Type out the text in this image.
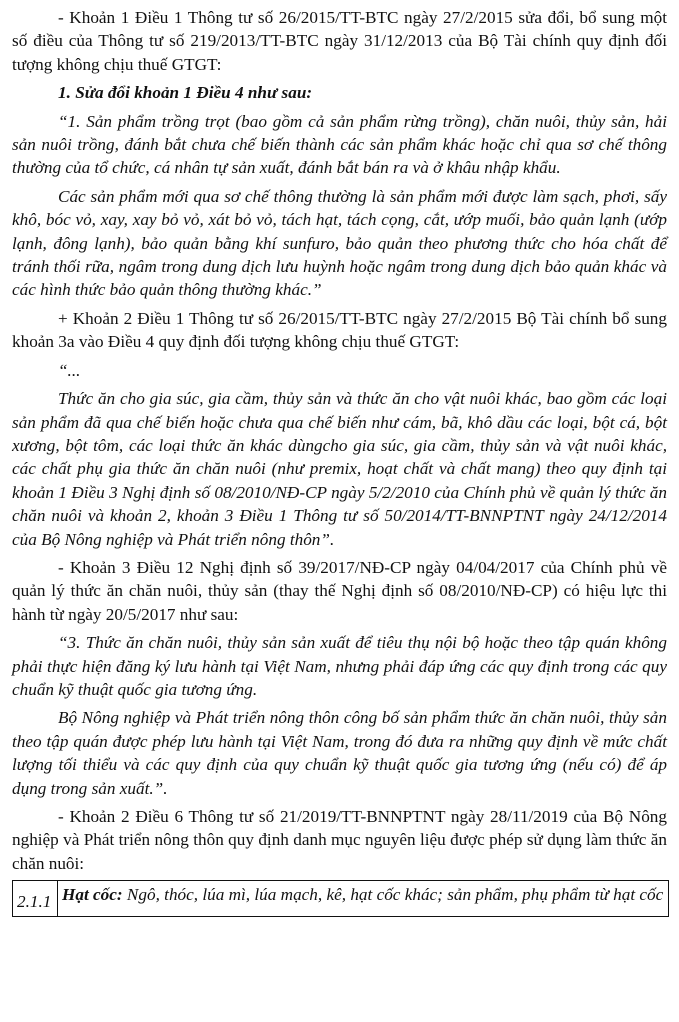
- Khoản 1 Điều 1 Thông tư số 26/2015/TT-BTC ngày 27/2/2015 sửa đổi, bổ sung một số điều của Thông tư số 219/2013/TT-BTC ngày 31/12/2013 của Bộ Tài chính quy định đối tượng không chịu thuế GTGT:

1. Sửa đổi khoản 1 Điều 4 như sau:

“1. Sản phẩm trồng trọt (bao gồm cả sản phẩm rừng trồng), chăn nuôi, thủy sản, hải sản nuôi trồng, đánh bắt chưa chế biến thành các sản phẩm khác hoặc chỉ qua sơ chế thông thường của tổ chức, cá nhân tự sản xuất, đánh bắt bán ra và ở khâu nhập khẩu.

Các sản phẩm mới qua sơ chế thông thường là sản phẩm mới được làm sạch, phơi, sấy khô, bóc vỏ, xay, xay bỏ vỏ, xát bỏ vỏ, tách hạt, tách cọng, cắt, ướp muối, bảo quản lạnh (ướp lạnh, đông lạnh), bảo quản bằng khí sunfuro, bảo quản theo phương thức cho hóa chất để tránh thối rữa, ngâm trong dung dịch lưu huỳnh hoặc ngâm trong dung dịch bảo quản khác và các hình thức bảo quản thông thường khác.”

+ Khoản 2 Điều 1 Thông tư số 26/2015/TT-BTC ngày 27/2/2015 Bộ Tài chính bổ sung khoản 3a vào Điều 4 quy định đối tượng không chịu thuế GTGT:

“...

Thức ăn cho gia súc, gia cầm, thủy sản và thức ăn cho vật nuôi khác, bao gồm các loại sản phẩm đã qua chế biến hoặc chưa qua chế biến như cám, bã, khô dầu các loại, bột cá, bột xương, bột tôm, các loại thức ăn khác dùngcho gia súc, gia cầm, thủy sản và vật nuôi khác, các chất phụ gia thức ăn chăn nuôi (như premix, hoạt chất và chất mang) theo quy định tại khoản 1 Điều 3 Nghị định số 08/2010/NĐ-CP ngày 5/2/2010 của Chính phủ về quản lý thức ăn chăn nuôi và khoản 2, khoản 3 Điều 1 Thông tư số 50/2014/TT-BNNPTNT ngày 24/12/2014 của Bộ Nông nghiệp và Phát triển nông thôn”.

- Khoản 3 Điều 12 Nghị định số 39/2017/NĐ-CP ngày 04/04/2017 của Chính phủ về quản lý thức ăn chăn nuôi, thủy sản (thay thế Nghị định số 08/2010/NĐ-CP) có hiệu lực thi hành từ ngày 20/5/2017 như sau:

“3. Thức ăn chăn nuôi, thủy sản sản xuất để tiêu thụ nội bộ hoặc theo tập quán không phải thực hiện đăng ký lưu hành tại Việt Nam, nhưng phải đáp ứng các quy định trong các quy chuẩn kỹ thuật quốc gia tương ứng.

Bộ Nông nghiệp và Phát triển nông thôn công bố sản phẩm thức ăn chăn nuôi, thủy sản theo tập quán được phép lưu hành tại Việt Nam, trong đó đưa ra những quy định về mức chất lượng tối thiểu và các quy định của quy chuẩn kỹ thuật quốc gia tương ứng (nếu có) để áp dụng trong sản xuất.”.

- Khoản 2 Điều 6 Thông tư số 21/2019/TT-BNNPTNT ngày 28/11/2019 của Bộ Nông nghiệp và Phát triển nông thôn quy định danh mục nguyên liệu được phép sử dụng làm thức ăn chăn nuôi:

2.1.1	Hạt cốc: Ngô, thóc, lúa mì, lúa mạch, kê, hạt cốc khác; sản phẩm, phụ phẩm từ hạt cốc
